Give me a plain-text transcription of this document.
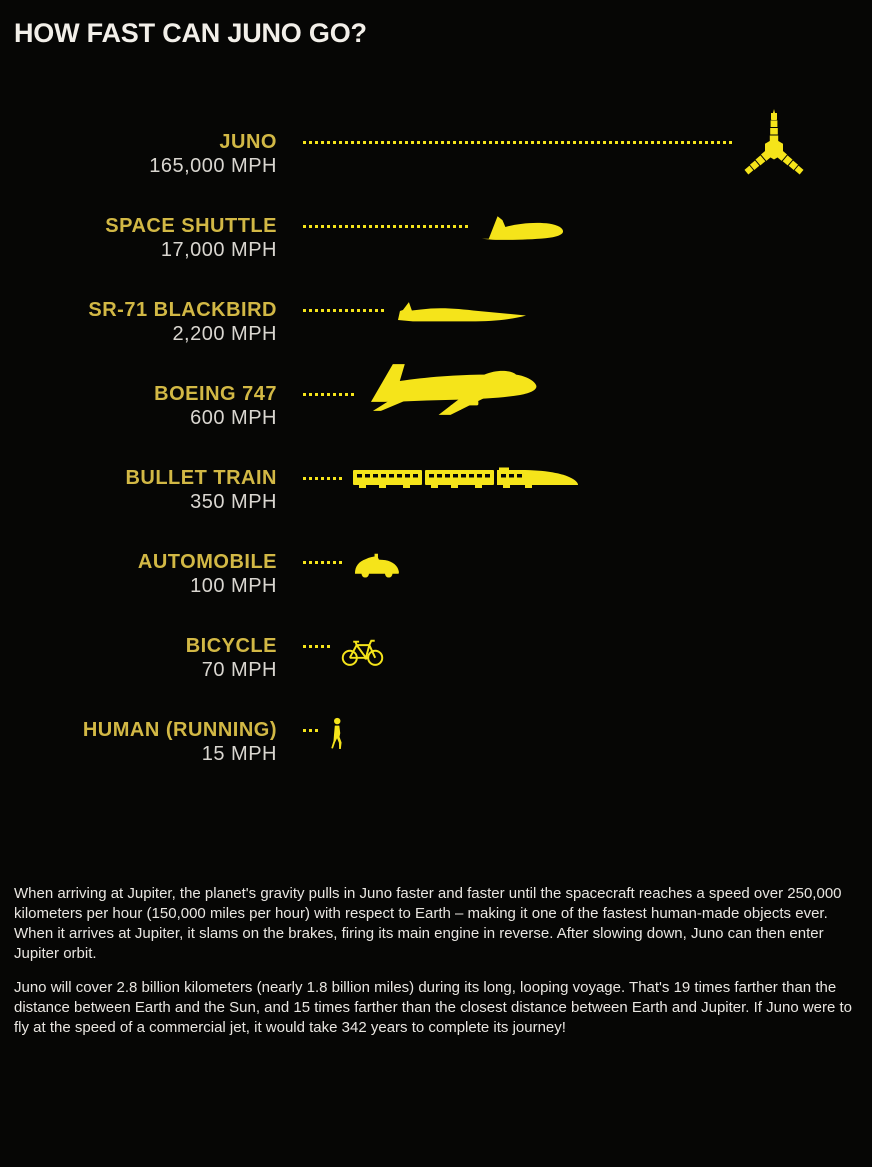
HOW FAST CAN JUNO GO?
JUNO
165,000 MPH
SPACE SHUTTLE
17,000 MPH
SR-71 BLACKBIRD
2,200 MPH
BOEING 747
600 MPH
BULLET TRAIN
350 MPH
AUTOMOBILE
100 MPH
BICYCLE
70 MPH
HUMAN (RUNNING)
15 MPH

When arriving at Jupiter, the planet's gravity pulls in Juno faster and faster until the spacecraft reaches a speed over 250,000 kilometers per hour (150,000 miles per hour) with respect to Earth – making it one of the fastest human-made objects ever. When it arrives at Jupiter, it slams on the brakes, firing its main engine in reverse. After slowing down, Juno can then enter Jupiter orbit.

Juno will cover 2.8 billion kilometers (nearly 1.8 billion miles) during its long, looping voyage. That's 19 times farther than the distance between Earth and the Sun, and 15 times farther than the closest distance between Earth and Jupiter. If Juno were to fly at the speed of a commercial jet, it would take 342 years to complete its journey!
